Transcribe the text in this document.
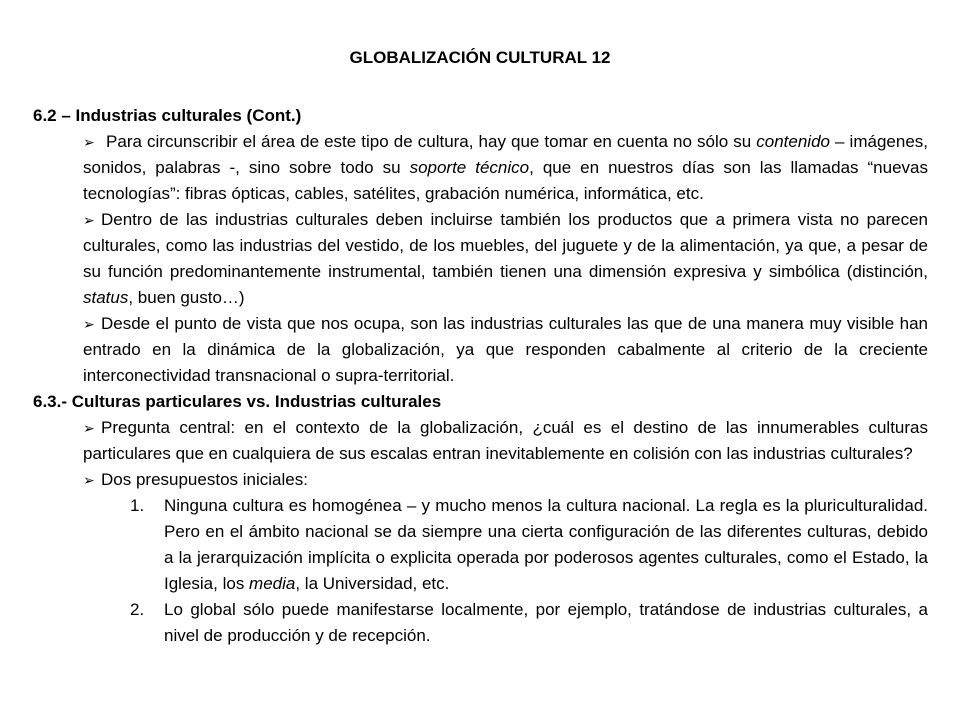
GLOBALIZACIÓN CULTURAL 12
6.2 – Industrias culturales (Cont.)
➢ Para circunscribir el área de este tipo de cultura, hay que tomar en cuenta no sólo su contenido – imágenes, sonidos, palabras -, sino sobre todo su soporte técnico, que en nuestros días son las llamadas “nuevas tecnologías”: fibras ópticas, cables, satélites, grabación numérica, informática, etc.
➢ Dentro de las industrias culturales deben incluirse también los productos que a primera vista no parecen culturales, como las industrias del vestido, de los muebles, del juguete y de la alimentación, ya que, a pesar de su función predominantemente instrumental, también tienen una dimensión expresiva y simbólica (distinción, status, buen gusto…)
➢ Desde el punto de vista que nos ocupa, son las industrias culturales las que de una manera muy visible han entrado en la dinámica de la globalización, ya que responden cabalmente al criterio de la creciente interconectividad transnacional o supra-territorial.
6.3.- Culturas particulares vs. Industrias culturales
➢ Pregunta central: en el contexto de la globalización, ¿cuál es el destino de las innumerables culturas particulares que en cualquiera de sus escalas entran inevitablemente en colisión con las industrias culturales?
➢ Dos presupuestos iniciales:
1. Ninguna cultura es homogénea – y mucho menos la cultura nacional. La regla es la pluriculturalidad. Pero en el ámbito nacional se da siempre una cierta configuración de las diferentes culturas, debido a la jerarquización implícita o explicita operada por poderosos agentes culturales, como el Estado, la Iglesia, los media, la Universidad, etc.
2. Lo global sólo puede manifestarse localmente, por ejemplo, tratándose de industrias culturales, a nivel de producción y de recepción.
